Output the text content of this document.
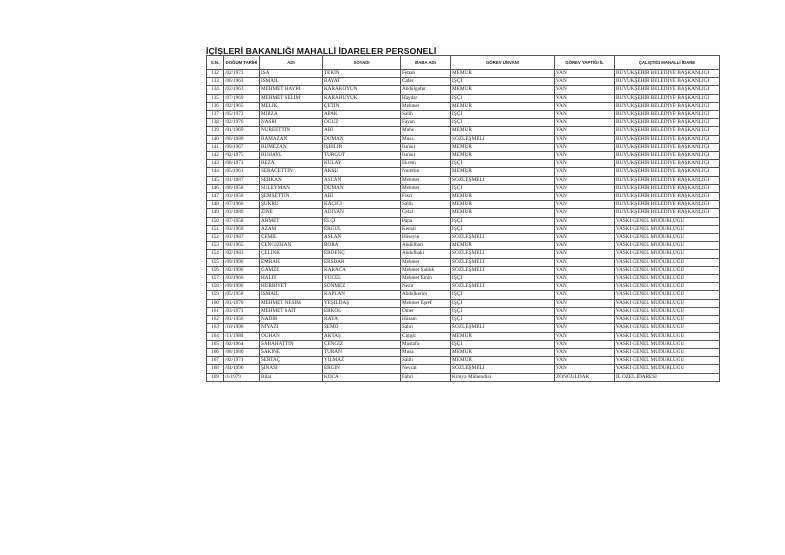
İÇİŞLERİ BAKANLIĞI MAHALLİ İDARELER PERSONELİ
S.N.	DOĞUM TARİHİ	ADI	SOYADI	BABA ADI	GÖREV UNVANI	GÖREV YAPTIĞI İL	ÇALIŞTIĞI MAHALLİ İDARE
132	/02/1972	İSA	TEKİN	Fettah	MEMUR	VAN	BÜYÜKŞEHİR BELEDİYE BAŞKANLIĞI
133	/06/1963	İSMAİL	BAYAT	Cafer	İŞÇİ	VAN	BÜYÜKŞEHİR BELEDİYE BAŞKANLIĞI
134	/02/1963	MEHMET HAYRİ	KARAKOYUN	Abdülgafur	MEMUR	VAN	BÜYÜKŞEHİR BELEDİYE BAŞKANLIĞI
135	/07/1969	MEHMET SELİM	KARAHÜYÜK	Haydar	İŞÇİ	VAN	BÜYÜKŞEHİR BELEDİYE BAŞKANLIĞI
136	/02/1965	MELİK	ÇETİN	Mehmet	MEMUR	VAN	BÜYÜKŞEHİR BELEDİYE BAŞKANLIĞI
137	/05/1973	MİRZA	APAK	Salih	İŞÇİ	VAN	BÜYÜKŞEHİR BELEDİYE BAŞKANLIĞI
138	/02/1976	NASRİ	ÖĞÜZ	Fayan	İŞÇİ	VAN	BÜYÜKŞEHİR BELEDİYE BAŞKANLIĞI
139	/01/1969	NUREETTİN	ABİ	Muhs	MEMUR	VAN	BÜYÜKŞEHİR BELEDİYE BAŞKANLIĞI
140	/06/1980	RAMAZAN	DUMAN	Musa	SÖZLEŞMELİ	VAN	BÜYÜKŞEHİR BELEDİYE BAŞKANLIĞI
141	/09/1967	RUMEZAN	İŞBİLİR	İsmail	MEMUR	VAN	BÜYÜKŞEHİR BELEDİYE BAŞKANLIĞI
142	/02/1975	RUHAYL	TURGUT	İsmail	MEMUR	VAN	BÜYÜKŞEHİR BELEDİYE BAŞKANLIĞI
143	/08/1973	REZA	KÜLAY	Ekrem	İŞÇİ	VAN	BÜYÜKŞEHİR BELEDİYE BAŞKANLIĞI
144	/05/1961	SERACETTİN	AKSU	Nurettin	MEMUR	VAN	BÜYÜKŞEHİR BELEDİYE BAŞKANLIĞI
145	/01/1987	SERKAN	ASLAN	Mehmet	SÖZLEŞMELİ	VAN	BÜYÜKŞEHİR BELEDİYE BAŞKANLIĞI
146	/06/1958	SÜLEYMAN	DUMAN	Mehmet	İŞÇİ	VAN	BÜYÜKŞEHİR BELEDİYE BAŞKANLIĞI
147	/03/1956	ŞEMSETTİN	ABİ	Fikri	MEMUR	VAN	BÜYÜKŞEHİR BELEDİYE BAŞKANLIĞI
148	/07/1966	ŞÜKRÜ	KAÇICI	Salih	MEMUR	VAN	BÜYÜKŞEHİR BELEDİYE BAŞKANLIĞI
149	/03/1989	ZİNE	ADIYAN	Celal	MEMUR	VAN	BÜYÜKŞEHİR BELEDİYE BAŞKANLIĞI
150	/07/1958	AHMET	ELÇİ	Papa	İŞÇİ	VAN	VASKİ GENEL MÜDÜRLÜĞÜ
151	/03/1969	AZAM	ERGÜL	Kemal	İŞÇİ	VAN	VASKİ GENEL MÜDÜRLÜĞÜ
152	/01/1987	CEMİL	ASLAN	Hüseyin	SÖZLEŞMELİ	VAN	VASKİ GENEL MÜDÜRLÜĞÜ
153	/04/1965	CENGİZHAN	BORA	Abdülbari	MEMUR	VAN	VASKİ GENEL MÜDÜRLÜĞÜ
154	/02/1983	ÇELİNK	ERDENÇ	Abdulbaki	SÖZLEŞMELİ	VAN	VASKİ GENEL MÜDÜRLÜĞÜ
155	/09/1990	EMRAH	ERSDAR	Mehmet	SÖZLEŞMELİ	VAN	VASKİ GENEL MÜDÜRLÜĞÜ
156	/02/1990	GAMZE	KARACA	Mehmet Sıddık	SÖZLEŞMELİ	VAN	VASKİ GENEL MÜDÜRLÜĞÜ
157	/03/1966	HALİT	YÜCEL	Mehmet Emin	İŞÇİ	VAN	VASKİ GENEL MÜDÜRLÜĞÜ
158	/09/1990	HÜRRİYET	SÖNMEZ	Nezir	SÖZLEŞMELİ	VAN	VASKİ GENEL MÜDÜRLÜĞÜ
159	/05/1958	İSMAİL	KAPLAN	Abdulkerim	İŞÇİ	VAN	VASKİ GENEL MÜDÜRLÜĞÜ
160	/01/1970	MEHMET NESİM	YEŞİLDAŞ	Mehmet Eşref	İŞÇİ	VAN	VASKİ GENEL MÜDÜRLÜĞÜ
161	/03/1973	MEHMET SAİT	ERKOL	Ömer	İŞÇİ	VAN	VASKİ GENEL MÜDÜRLÜĞÜ
162	/01/1956	NADİR	KAYA	Hüsam	İŞÇİ	VAN	VASKİ GENEL MÜDÜRLÜĞÜ
163	/10/1990	NİYAZİ	SEMO	Sabri	SÖZLEŞMELİ	VAN	VASKİ GENEL MÜDÜRLÜĞÜ
164	/11/1980	OĞHAN	AKTAŞ	Cimşit	MEMUR	VAN	VASKİ GENEL MÜDÜRLÜĞÜ
165	/02/1964	SABAHATTİN	CENGİZ	Mustafa	İŞÇİ	VAN	VASKİ GENEL MÜDÜRLÜĞÜ
166	/08/1980	SAKİNE	TURAN	Musa	MEMUR	VAN	VASKİ GENEL MÜDÜRLÜĞÜ
167	/02/1971	SERTAÇ	YILMAZ	Salih	MEMUR	VAN	VASKİ GENEL MÜDÜRLÜĞÜ
168	/04/1990	ŞİNASİ	ERGİN	Nevzat	SÖZLEŞMELİ	VAN	VASKİ GENEL MÜDÜRLÜĞÜ
169	/1/1979	Bilal	KOCA	Fahri	Kimya Mühendisi	ZONGULDAK	İL ÖZEL İDARESİ
